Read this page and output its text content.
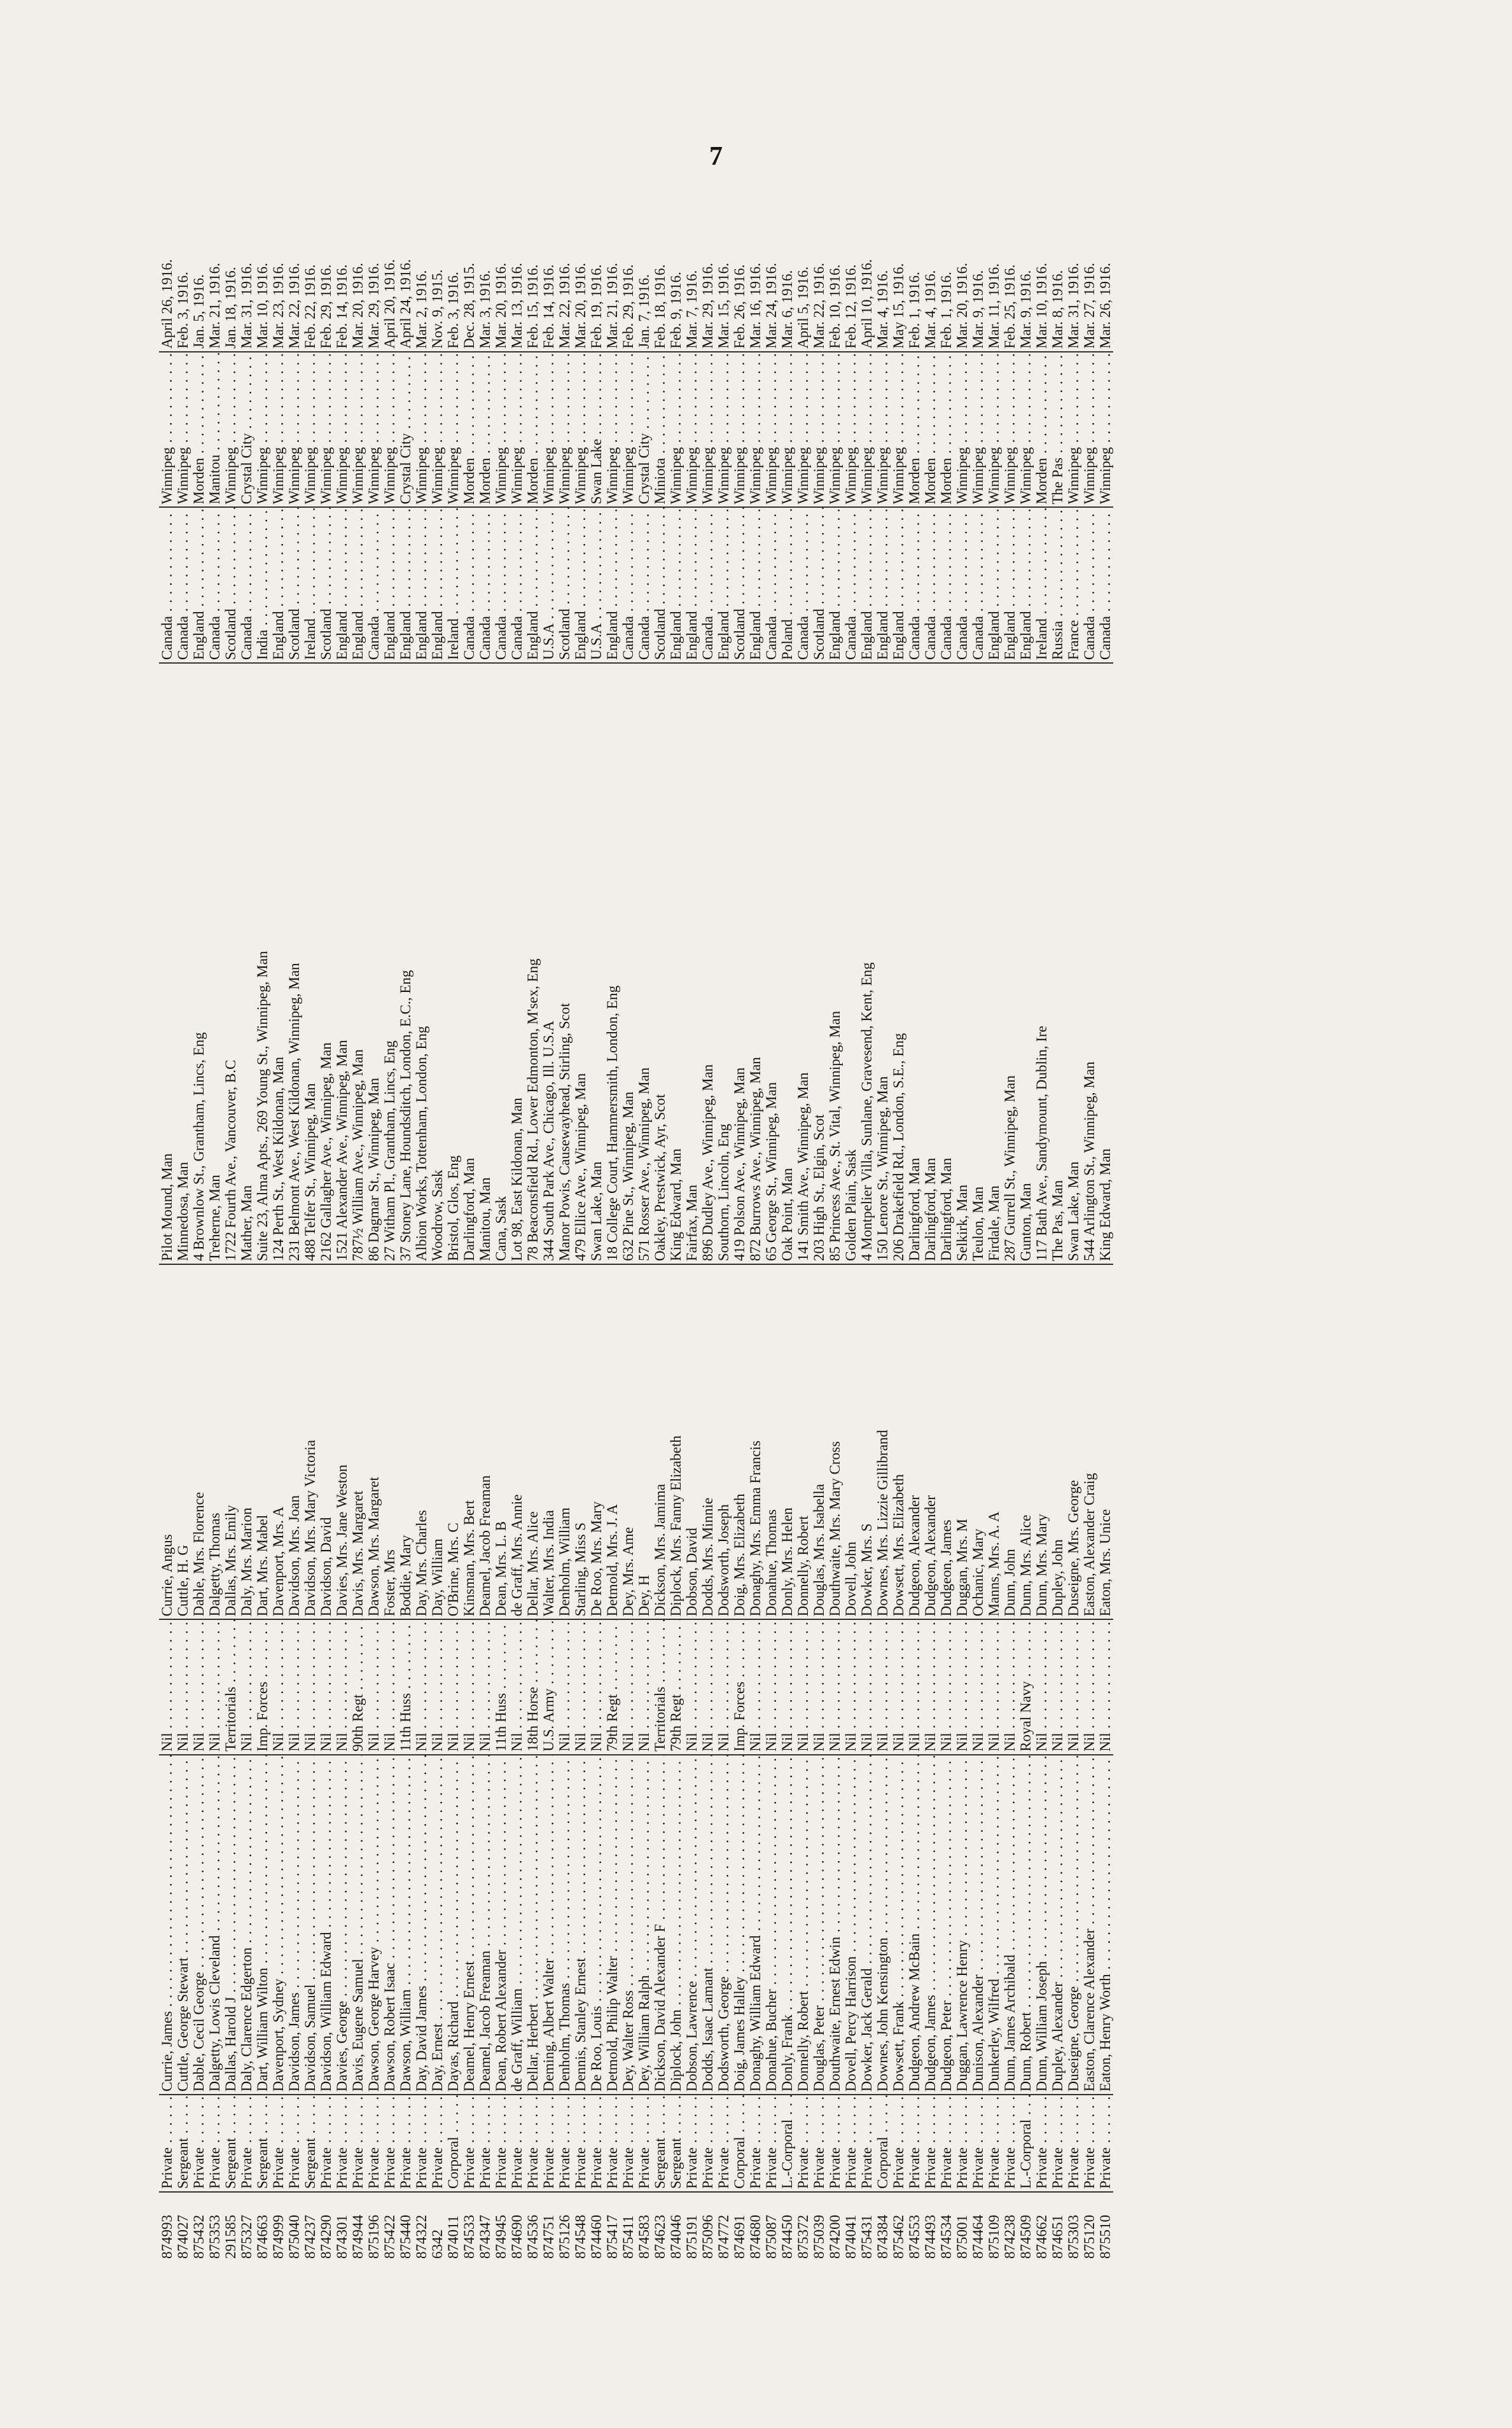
7
874993	Private . . .	Currie, James . . .	Nil . . .	Currie, Angus	Pilot Mound, Man	Canada . . .	Winnipeg . . .	April 26, 1916.
874027	Sergeant . . .	Cuttle, George Stewart . . .	Nil . . .	Cuttle, H. G	Minnedosa, Man	Canada . . .	Winnipeg . . .	Feb. 3, 1916.
875432	Private . . .	Dable, Cecil George . . .	Nil . . .	Dable, Mrs. Florence	4 Brownlow St., Grantham, Lincs, Eng	England . . .	Morden . . .	Jan. 5, 1916.
875353	Private . . .	Dalgetty, Lowis Cleveland . . .	Nil . . .	Dalgetty, Thomas	Treherne, Man	Canada . . .	Manitou . . .	Mar. 21, 1916.
291585	Sergeant . . .	Dallas, Harold J . . .	Territorials . . .	Dallas, Mrs. Emily	1722 Fourth Ave., Vancouver, B.C	Scotland . . .	Winnipeg . . .	Jan. 18, 1916.
875327	Private . . .	Daly, Clarence Edgerton . . .	Nil . . .	Daly, Mrs. Marion	Mather, Man	Canada . . .	Crystal City . . .	Mar. 31, 1916.
874663	Sergeant . . .	Dart, William Wilton . . .	Imp. Forces . . .	Dart, Mrs. Mabel	Suite 23, Alma Apts., 269 Young St., Winnipeg, Man	India . . .	Winnipeg . . .	Mar. 10, 1916.
874999	Private . . .	Davenport, Sydney . . .	Nil . . .	Davenport, Mrs. A	124 Perth St., West Kildonan, Man	England . . .	Winnipeg . . .	Mar. 23, 1916.
875040	Private . . .	Davidson, James . . .	Nil . . .	Davidson, Mrs. Joan	231 Belmont Ave., West Kildonan, Winnipeg, Man	Scotland . . .	Winnipeg . . .	Mar. 22, 1916.
874237	Sergeant . . .	Davidson, Samuel . . .	Nil . . .	Davidson, Mrs. Mary Victoria	488 Telfer St., Winnipeg, Man	Ireland . . .	Winnipeg . . .	Feb. 22, 1916.
874290	Private . . .	Davidson, William Edward . . .	Nil . . .	Davidson, David	2162 Gallagher Ave., Winnipeg, Man	Scotland . . .	Winnipeg . . .	Feb. 29, 1916.
874301	Private . . .	Davies, George . . .	Nil . . .	Davies, Mrs. Jane Weston	1521 Alexander Ave., Winnipeg, Man	England . . .	Winnipeg . . .	Feb. 14, 1916.
874944	Private . . .	Davis, Eugene Samuel . . .	90th Regt . . .	Davis, Mrs. Margaret	787½ William Ave., Winnipeg, Man	England . . .	Winnipeg . . .	Mar. 20, 1916.
875196	Private . . .	Dawson, George Harvey . . .	Nil . . .	Dawson, Mrs. Margaret	86 Dagmar St., Winnipeg, Man	Canada . . .	Winnipeg . . .	Mar. 29, 1916.
875422	Private . . .	Dawson, Robert Isaac . . .	Nil . . .	Foster, Mrs	27 Witham Pl., Grantham, Lincs, Eng	England . . .	Winnipeg . . .	April 20, 1916.
875440	Private . . .	Dawson, William . . .	11th Huss . . .	Boddie, Mary	37 Stoney Lane, Houndsditch, London, E.C., Eng	England . . .	Crystal City . . .	April 24, 1916.
874322	Private . . .	Day, David James . . .	Nil . . .	Day, Mrs. Charles	Albion Works, Tottenham, London, Eng	England . . .	Winnipeg . . .	Mar. 2, 1916.
6342	Private . . .	Day, Ernest . . .	Nil . . .	Day, William	Woodrow, Sask	England . . .	Winnipeg . . .	Nov. 9, 1915.
874011	Corporal . . .	Dayas, Richard . . .	Nil . . .	O'Brine, Mrs. C	Bristol, Glos, Eng	Ireland . . .	Winnipeg . . .	Feb. 3, 1916.
874533	Private . . .	Deamel, Henry Ernest . . .	Nil . . .	Kinsman, Mrs. Bert	Darlingford, Man	Canada . . .	Morden . . .	Dec. 28, 1915.
874347	Private . . .	Deamel, Jacob Freaman . . .	Nil . . .	Deamel, Jacob Freaman	Manitou, Man	Canada . . .	Morden . . .	Mar. 3, 1916.
874945	Private . . .	Dean, Robert Alexander . . .	11th Huss . . .	Dean, Mrs. L. B	Cana, Sask	Canada . . .	Winnipeg . . .	Mar. 20, 1916.
874690	Private . . .	de Graff, William . . .	Nil . . .	de Graff, Mrs. Annie	Lot 98, East Kildonan, Man	Canada . . .	Winnipeg . . .	Mar. 13, 1916.
874536	Private . . .	Dellar, Herbert . . .	18th Horse . . .	Dellar, Mrs. Alice	78 Beaconsfield Rd., Lower Edmonton, M'sex, Eng	England . . .	Morden . . .	Feb. 15, 1916.
874751	Private . . .	Deming, Albert Walter . . .	U.S. Army . . .	Walter, Mrs. India	344 South Park Ave., Chicago, Ill. U.S.A	U.S.A . . .	Winnipeg . . .	Feb. 14, 1916.
875126	Private . . .	Denholm, Thomas . . .	Nil . . .	Denholm, William	Manor Powis, Causewayhead, Stirling, Scot	Scotland . . .	Winnipeg . . .	Mar. 22, 1916.
874548	Private . . .	Dennis, Stanley Ernest . . .	Nil . . .	Starling, Miss S	479 Ellice Ave., Winnipeg, Man	England . . .	Winnipeg . . .	Mar. 20, 1916.
874460	Private . . .	De Roo, Louis . . .	Nil . . .	De Roo, Mrs. Mary	Swan Lake, Man	U.S.A . . .	Swan Lake . . .	Feb. 19, 1916.
875417	Private . . .	Detmold, Philip Walter . . .	79th Regt . . .	Detmold, Mrs. J. A	18 College Court, Hammersmith, London, Eng	England . . .	Winnipeg . . .	Mar. 21, 1916.
875411	Private . . .	Dey, Walter Ross . . .	Nil . . .	Dey, Mrs. Ame	632 Pine St., Winnipeg, Man	Canada . . .	Winnipeg . . .	Feb. 29, 1916.
874583	Private . . .	Dey, William Ralph . . .	Nil . . .	Dey, H	571 Rosser Ave., Winnipeg, Man	Canada . . .	Crystal City . . .	Jan. 7, 1916.
874623	Sergeant . . .	Dickson, David Alexander F . . .	Territorials . . .	Dickson, Mrs. Jamima	Oakley, Prestwick, Ayr, Scot	Scotland . . .	Miniota . . .	Feb. 18, 1916.
874046	Sergeant . . .	Diplock, John . . .	79th Regt . . .	Diplock, Mrs. Fanny Elizabeth	King Edward, Man	England . . .	Winnipeg . . .	Feb. 9, 1916.
875191	Private . . .	Dobson, Lawrence . . .	Nil . . .	Dobson, David	Fairfax, Man	England . . .	Winnipeg . . .	Mar. 7, 1916.
875096	Private . . .	Dodds, Isaac Lamant . . .	Nil . . .	Dodds, Mrs. Minnie	896 Dudley Ave., Winnipeg, Man	Canada . . .	Winnipeg . . .	Mar. 29, 1916.
874772	Private . . .	Dodsworth, George . . .	Nil . . .	Dodsworth, Joseph	Southorn, Lincoln, Eng	England . . .	Winnipeg . . .	Mar. 15, 1916.
874691	Corporal . . .	Doig, James Halley . . .	Imp. Forces . . .	Doig, Mrs. Elizabeth	419 Polson Ave., Winnipeg, Man	Scotland . . .	Winnipeg . . .	Feb. 26, 1916.
874680	Private . . .	Donaghy, William Edward . . .	Nil . . .	Donaghy, Mrs. Emma Francis	872 Burrows Ave., Winnipeg, Man	England . . .	Winnipeg . . .	Mar. 16, 1916.
875087	Private . . .	Donahue, Bucher . . .	Nil . . .	Donahue, Thomas	65 George St., Winnipeg, Man	Canada . . .	Winnipeg . . .	Mar. 24, 1916.
874450	L.-Corporal . . .	Donly, Frank . . .	Nil . . .	Donly, Mrs. Helen	Oak Point, Man	Poland . . .	Winnipeg . . .	Mar. 6, 1916.
875372	Private . . .	Donnelly, Robert . . .	Nil . . .	Donnelly, Robert	141 Smith Ave., Winnipeg, Man	Canada . . .	Winnipeg . . .	April 5, 1916.
875039	Private . . .	Douglas, Peter . . .	Nil . . .	Douglas, Mrs. Isabella	203 High St., Elgin, Scot	Scotland . . .	Winnipeg . . .	Mar. 22, 1916.
874200	Private . . .	Douthwaite, Ernest Edwin . . .	Nil . . .	Douthwaite, Mrs. Mary Cross	85 Princess Ave., St. Vital, Winnipeg, Man	England . . .	Winnipeg . . .	Feb. 10, 1916.
874041	Private . . .	Dovell, Percy Harrison . . .	Nil . . .	Dovell, John	Golden Plain, Sask	Canada . . .	Winnipeg . . .	Feb. 12, 1916.
875431	Private . . .	Dowker, Jack Gerald . . .	Nil . . .	Dowker, Mrs. S	4 Montpelier Villa, Sunlane, Gravesend, Kent, Eng	England . . .	Winnipeg . . .	April 10, 1916.
874384	Corporal . . .	Downes, John Kensington . . .	Nil . . .	Downes, Mrs. Lizzie Gillibrand	150 Lenore St., Winnipeg, Man	England . . .	Winnipeg . . .	Mar. 4, 1916.
875462	Private . . .	Dowsett, Frank . . .	Nil . . .	Dowsett, Mrs. Elizabeth	206 Drakefield Rd., London, S.E., Eng	England . . .	Winnipeg . . .	May 15, 1916.
874553	Private . . .	Dudgeon, Andrew McBain . . .	Nil . . .	Dudgeon, Alexander	Darlingford, Man	Canada . . .	Morden . . .	Feb. 1, 1916.
874493	Private . . .	Dudgeon, James . . .	Nil . . .	Dudgeon, Alexander	Darlingford, Man	Canada . . .	Morden . . .	Mar. 4, 1916.
874534	Private . . .	Dudgeon, Peter . . .	Nil . . .	Dudgeon, James	Darlingford, Man	Canada . . .	Morden . . .	Feb. 1, 1916.
875001	Private . . .	Duggan, Lawrence Henry . . .	Nil . . .	Duggan, Mrs. M	Selkirk, Man	Canada . . .	Winnipeg . . .	Mar. 20, 1916.
874464	Private . . .	Dunison, Alexander . . .	Nil . . .	Ochanic, Mary	Teulon, Man	Canada . . .	Winnipeg . . .	Mar. 9, 1916.
875109	Private . . .	Dunkerley, Wilfred . . .	Nil . . .	Manns, Mrs. A. A	Firdale, Man	England . . .	Winnipeg . . .	Mar. 11, 1916.
874238	Private . . .	Dunn, James Archibald . . .	Nil . . .	Dunn, John	287 Gurrell St., Winnipeg, Man	England . . .	Winnipeg . . .	Feb. 25, 1916.
874509	L.-Corporal . . .	Dunn, Robert . . .	Royal Navy . . .	Dunn, Mrs. Alice	Gunton, Man	England . . .	Winnipeg . . .	Mar. 9, 1916.
874662	Private . . .	Dunn, William Joseph . . .	Nil . . .	Dunn, Mrs. Mary	117 Bath Ave., Sandymount, Dublin, Ire	Ireland . . .	Morden . . .	Mar. 10, 1916.
874651	Private . . .	Dupley, Alexander . . .	Nil . . .	Dupley, John	The Pas, Man	Russia . . .	The Pas . . .	Mar. 8, 1916.
875303	Private . . .	Duseigne, George . . .	Nil . . .	Duseigne, Mrs. George	Swan Lake, Man	France . . .	Winnipeg . . .	Mar. 31, 1916.
875120	Private . . .	Easton, Clarence Alexander . . .	Nil . . .	Easton, Alexander Craig	544 Arlington St., Winnipeg, Man	Canada . . .	Winnipeg . . .	Mar. 27, 1916.
875510	Private . . .	Eaton, Henry Worth . . .	Nil . . .	Eaton, Mrs. Unice	King Edward, Man	Canada . . .	Winnipeg . . .	Mar. 26, 1916.
